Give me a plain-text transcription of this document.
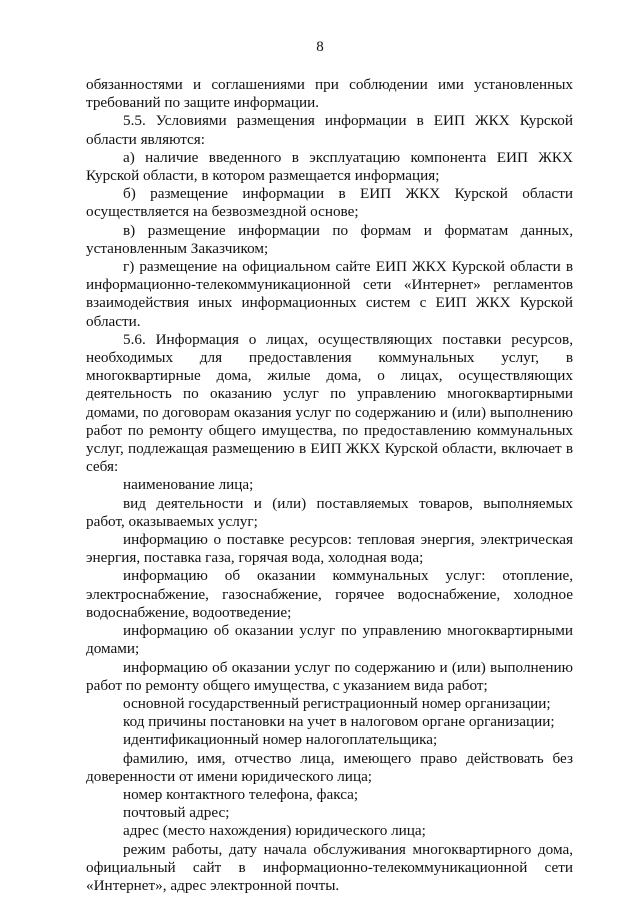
8

обязанностями и соглашениями при соблюдении ими установленных требований по защите информации.

5.5. Условиями размещения информации в ЕИП ЖКХ Курской области являются:

а) наличие введенного в эксплуатацию компонента ЕИП ЖКХ Курской области, в котором размещается информация;

б) размещение информации в ЕИП ЖКХ Курской области осуществляется на безвозмездной основе;

в) размещение информации по формам и форматам данных, установленным Заказчиком;

г) размещение на официальном сайте ЕИП ЖКХ Курской области в информационно-телекоммуникационной сети «Интернет» регламентов взаимодействия иных информационных систем с ЕИП ЖКХ Курской области.

5.6. Информация о лицах, осуществляющих поставки ресурсов, необходимых для предоставления коммунальных услуг, в многоквартирные дома, жилые дома, о лицах, осуществляющих деятельность по оказанию услуг по управлению многоквартирными домами, по договорам оказания услуг по содержанию и (или) выполнению работ по ремонту общего имущества, по предоставлению коммунальных услуг, подлежащая размещению в ЕИП ЖКХ Курской области, включает в себя:

наименование лица;

вид деятельности и (или) поставляемых товаров, выполняемых работ, оказываемых услуг;

информацию о поставке ресурсов: тепловая энергия, электрическая энергия, поставка газа, горячая вода, холодная вода;

информацию об оказании коммунальных услуг: отопление, электроснабжение, газоснабжение, горячее водоснабжение, холодное водоснабжение, водоотведение;

информацию об оказании услуг по управлению многоквартирными домами;

информацию об оказании услуг по содержанию и (или) выполнению работ по ремонту общего имущества, с указанием вида работ;

основной государственный регистрационный номер организации;

код причины постановки на учет в налоговом органе организации;

идентификационный номер налогоплательщика;

фамилию, имя, отчество лица, имеющего право действовать без доверенности от имени юридического лица;

номер контактного телефона, факса;

почтовый адрес;

адрес (место нахождения) юридического лица;

режим работы, дату начала обслуживания многоквартирного дома, официальный сайт в информационно-телекоммуникационной сети «Интернет», адрес электронной почты.
